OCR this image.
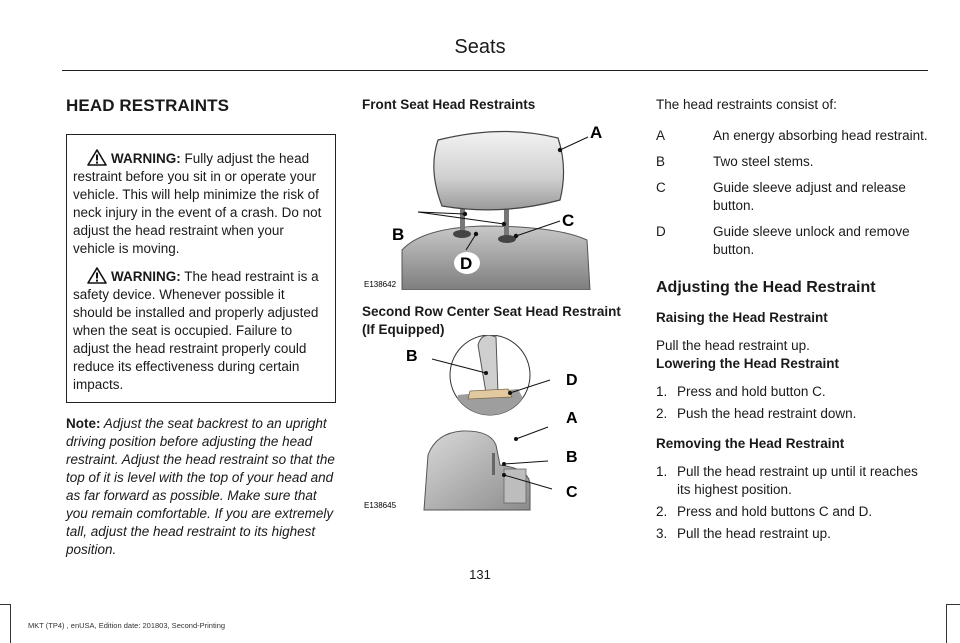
Seats
HEAD RESTRAINTS

WARNING: Fully adjust the head restraint before you sit in or operate your vehicle. This will help minimize the risk of neck injury in the event of a crash. Do not adjust the head restraint when your vehicle is moving.

WARNING: The head restraint is a safety device. Whenever possible it should be installed and properly adjusted when the seat is occupied. Failure to adjust the head restraint properly could reduce its effectiveness during certain impacts.

Note: Adjust the seat backrest to an upright driving position before adjusting the head restraint. Adjust the head restraint so that the top of it is level with the top of your head and as far forward as possible. Make sure that you remain comfortable. If you are extremely tall, adjust the head restraint to its highest position.
Front Seat Head Restraints
A
B
C
D
E138642
Second Row Center Seat Head Restraint (If Equipped)
B
D
A
B
C
E138645

The head restraints consist of:

A	An energy absorbing head restraint.
B	Two steel stems.
C	Guide sleeve adjust and release button.
D	Guide sleeve unlock and remove button.
Adjusting the Head Restraint
Raising the Head Restraint

Pull the head restraint up.

Lowering the Head Restraint
1. Press and hold button C.
2. Push the head restraint down.
Removing the Head Restraint
1. Pull the head restraint up until it reaches its highest position.
2. Press and hold buttons C and D.
3. Pull the head restraint up.
131
MKT (TP4) , enUSA, Edition date: 201803, Second-Printing
